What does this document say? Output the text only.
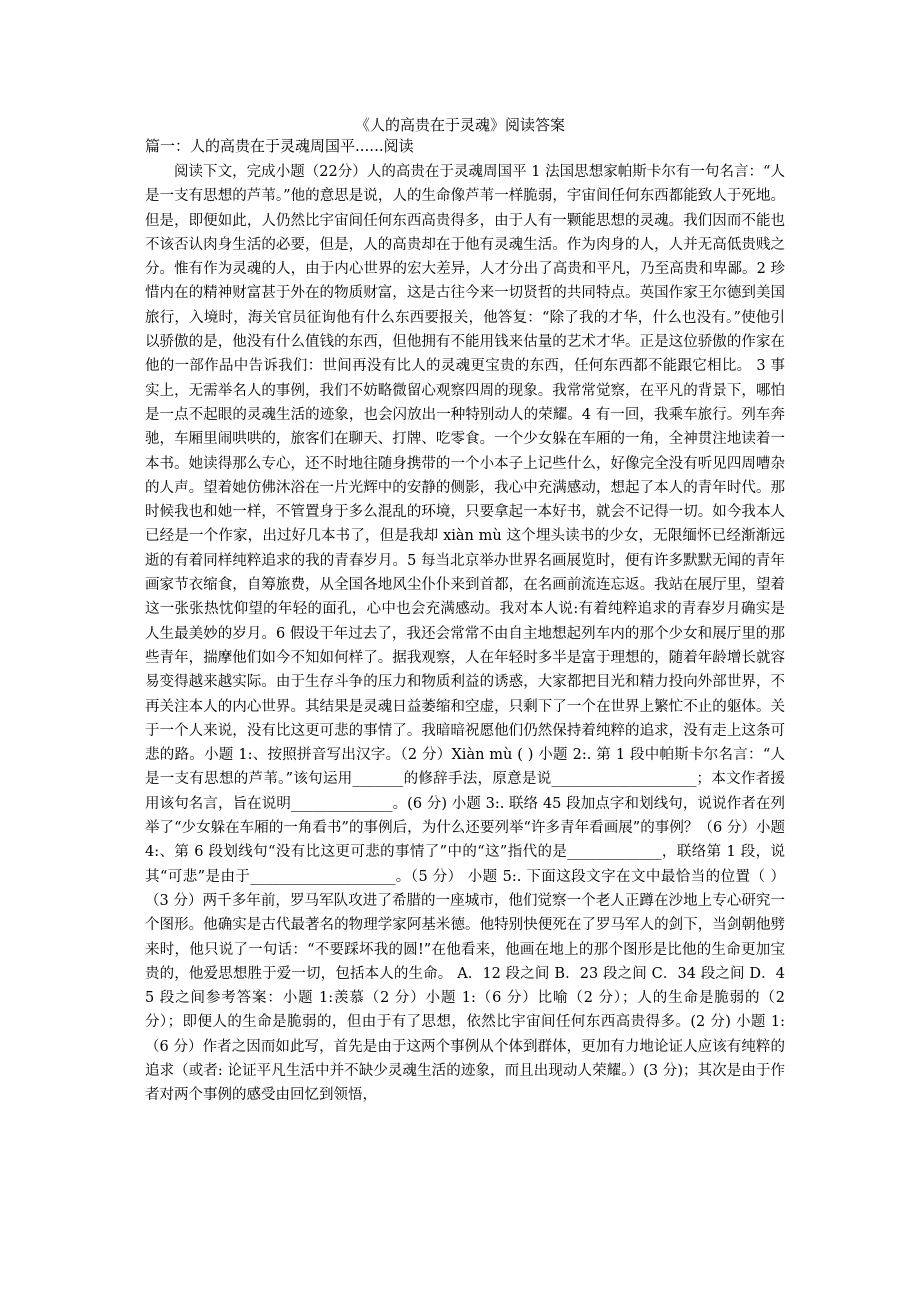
《人的高贵在于灵魂》阅读答案
篇一：人的高贵在于灵魂周国平......阅读

阅读下文，完成小题（22分）人的高贵在于灵魂周国平 1 法国思想家帕斯卡尔有一句名言：“人是一支有思想的芦苇。”他的意思是说，人的生命像芦苇一样脆弱，宇宙间任何东西都能致人于死地。但是，即便如此，人仍然比宇宙间任何东西高贵得多，由于人有一颗能思想的灵魂。我们因而不能也不该否认肉身生活的必要，但是，人的高贵却在于他有灵魂生活。作为肉身的人，人并无高低贵贱之分。惟有作为灵魂的人，由于内心世界的宏大差异，人才分出了高贵和平凡，乃至高贵和卑鄙。2 珍惜内在的精神财富甚于外在的物质财富，这是古往今来一切贤哲的共同特点。英国作家王尔德到美国旅行，入境时，海关官员征询他有什么东西要报关，他答复：“除了我的才华，什么也没有。”使他引以骄傲的是，他没有什么值钱的东西，但他拥有不能用钱来估量的艺术才华。正是这位骄傲的作家在他的一部作品中告诉我们：世间再没有比人的灵魂更宝贵的东西，任何东西都不能跟它相比。 3 事实上，无需举名人的事例，我们不妨略微留心观察四周的现象。我常常觉察，在平凡的背景下，哪怕是一点不起眼的灵魂生活的迹象，也会闪放出一种特别动人的荣耀。4 有一回，我乘车旅行。列车奔驰，车厢里闹哄哄的，旅客们在聊天、打牌、吃零食。一个少女躲在车厢的一角，全神贯注地读着一本书。她读得那么专心，还不时地往随身携带的一个小本子上记些什么，好像完全没有听见四周嘈杂的人声。望着她仿佛沐浴在一片光辉中的安静的侧影，我心中充满感动，想起了本人的青年时代。那时候我也和她一样，不管置身于多么混乱的环境，只要拿起一本好书，就会不记得一切。如今我本人已经是一个作家，出过好几本书了，但是我却 xiàn mù 这个埋头读书的少女，无限缅怀已经渐渐远逝的有着同样纯粹追求的我的青春岁月。5 每当北京举办世界名画展览时，便有许多默默无闻的青年画家节衣缩食，自筹旅费，从全国各地风尘仆仆来到首都，在名画前流连忘返。我站在展厅里，望着这一张张热忱仰望的年轻的面孔，心中也会充满感动。我对本人说:有着纯粹追求的青春岁月确实是人生最美妙的岁月。6 假设干年过去了，我还会常常不由自主地想起列车内的那个少女和展厅里的那些青年，揣摩他们如今不知如何样了。据我观察，人在年轻时多半是富于理想的，随着年龄增长就容易变得越来越实际。由于生存斗争的压力和物质利益的诱惑，大家都把目光和精力投向外部世界，不再关注本人的内心世界。其结果是灵魂日益萎缩和空虚，只剩下了一个在世界上繁忙不止的躯体。关于一个人来说，没有比这更可悲的事情了。我暗暗祝愿他们仍然保持着纯粹的追求，没有走上这条可悲的路。小题 1:、按照拼音写出汉字。（2 分）Xiàn mù ( ) 小题 2:. 第 1 段中帕斯卡尔名言：“人是一支有思想的芦苇。”该句运用_______的修辞手法，原意是说____________________；本文作者援用该句名言，旨在说明______________。(6 分) 小题 3:. 联络 45 段加点字和划线句，说说作者在列举了“少女躲在车厢的一角看书”的事例后，为什么还要列举“许多青年看画展”的事例？（6 分）小题 4:、第 6 段划线句“没有比这更可悲的事情了”中的“这”指代的是_____________，联络第 1 段，说其“可悲”是由于____________________。（5 分） 小题 5:. 下面这段文字在文中最恰当的位置（ ）（3 分）两千多年前，罗马军队攻进了希腊的一座城市，他们觉察一个老人正蹲在沙地上专心研究一个图形。他确实是古代最著名的物理学家阿基米德。他特别快便死在了罗马军人的剑下，当剑朝他劈来时，他只说了一句话：“不要踩坏我的圆!”在他看来，他画在地上的那个图形是比他的生命更加宝贵的，他爱思想胜于爱一切，包括本人的生命。 A．12 段之间 B．23 段之间 C．34 段之间 D．45 段之间参考答案：小题 1:羡慕（2 分）小题 1:（6 分）比喻（2 分）；人的生命是脆弱的（2 分）；即便人的生命是脆弱的，但由于有了思想，依然比宇宙间任何东西高贵得多。(2 分) 小题 1:（6 分）作者之因而如此写，首先是由于这两个事例从个体到群体，更加有力地论证人应该有纯粹的追求（或者: 论证平凡生活中并不缺少灵魂生活的迹象，而且出现动人荣耀。）(3 分)；其次是由于作者对两个事例的感受由回忆到领悟，
